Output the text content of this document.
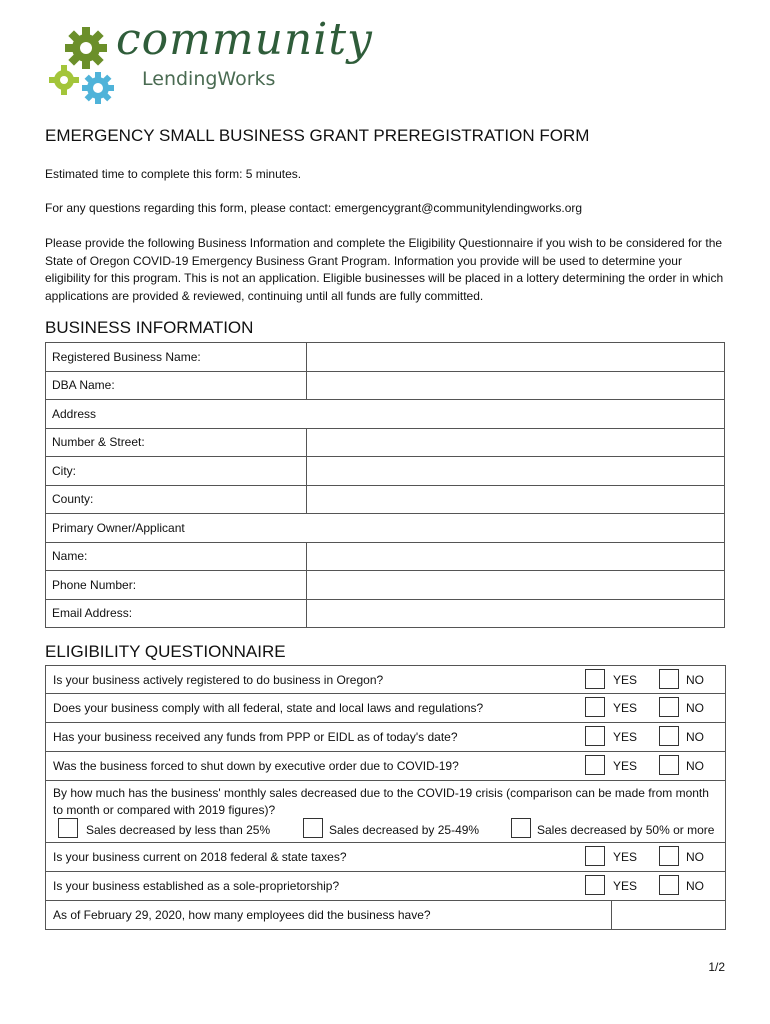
community
LendingWorks
EMERGENCY SMALL BUSINESS GRANT PREREGISTRATION FORM
Estimated time to complete this form: 5 minutes.
For any questions regarding this form, please contact: emergencygrant@communitylendingworks.org
Please provide the following Business Information and complete the Eligibility Questionnaire if you wish to be considered for the State of Oregon COVID-19 Emergency Business Grant Program. Information you provide will be used to determine your eligibility for this program. This is not an application. Eligible businesses will be placed in a lottery determining the order in which applications are provided & reviewed, continuing until all funds are fully committed.
BUSINESS INFORMATION
Registered Business Name:	
DBA Name:	
Address	
Number & Street:	
City:	
County:	
Primary Owner/Applicant	
Name:	
Phone Number:	
Email Address:	
ELIGIBILITY QUESTIONNAIRE
Is your business actively registered to do business in Oregon?	YES	NO
Does your business comply with all federal, state and local laws and regulations?	YES	NO
Has your business received any funds from PPP or EIDL as of today's date?	YES	NO
Was the business forced to shut down by executive order due to COVID-19?	YES	NO
By how much has the business' monthly sales decreased due to the COVID-19 crisis (comparison can be made from month to month or compared with 2019 figures)?
Sales decreased by less than 25%	Sales decreased by 25-49%	Sales decreased by 50% or more
Is your business current on 2018 federal & state taxes?	YES	NO
Is your business established as a sole-proprietorship?	YES	NO
As of February 29, 2020, how many employees did the business have?
1/2
